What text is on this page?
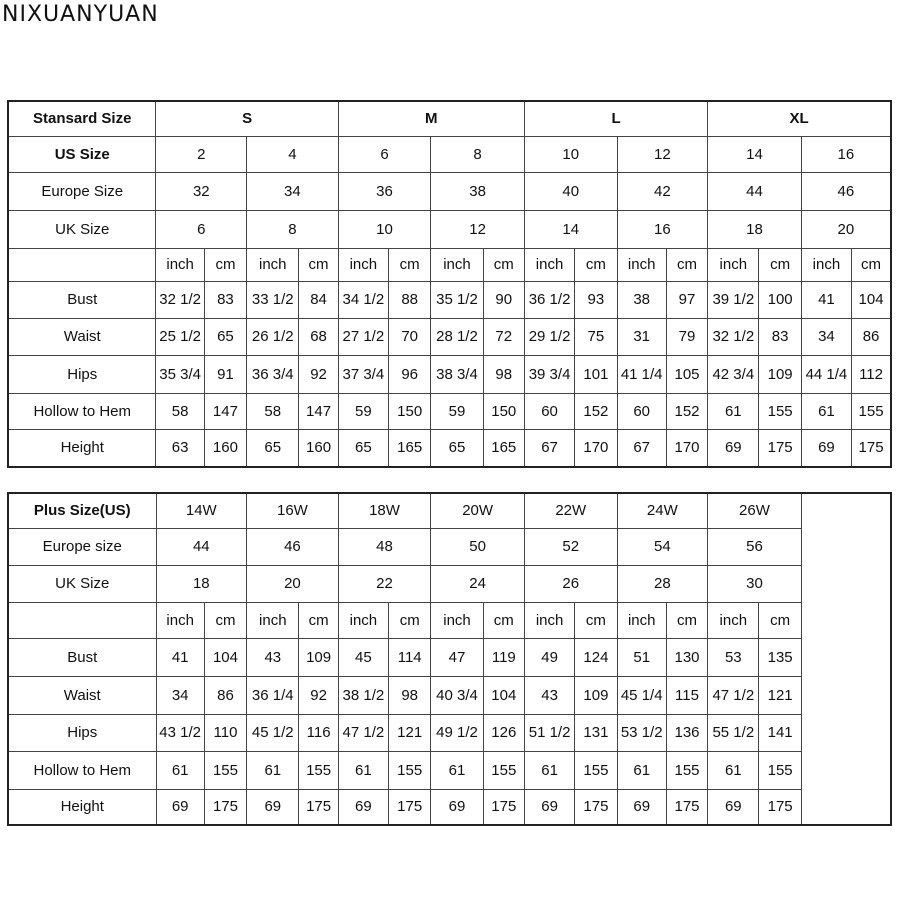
NIXUANYUAN
Stansard Size	S				M				L				XL			
US Size	2		4		6		8		10		12		14		16	
Europe Size	32		34		36		38		40		42		44		46	
UK Size	6		8		10		12		14		16		18		20	
	inch	cm	inch	cm	inch	cm	inch	cm	inch	cm	inch	cm	inch	cm	inch	cm
Bust	32 1/2	83	33 1/2	84	34 1/2	88	35 1/2	90	36 1/2	93	38	97	39 1/2	100	41	104
Waist	25 1/2	65	26 1/2	68	27 1/2	70	28 1/2	72	29 1/2	75	31	79	32 1/2	83	34	86
Hips	35 3/4	91	36 3/4	92	37 3/4	96	38 3/4	98	39 3/4	101	41 1/4	105	42 3/4	109	44 1/4	112
Hollow to Hem	58	147	58	147	59	150	59	150	60	152	60	152	61	155	61	155
Height	63	160	65	160	65	165	65	165	67	170	67	170	69	175	69	175
Plus Size(US)	14W		16W		18W		20W		22W		24W		26W		
Europe size	44		46		48		50		52		54		56		
UK Size	18		20		22		24		26		28		30		
	inch	cm	inch	cm	inch	cm	inch	cm	inch	cm	inch	cm	inch	cm	
Bust	41	104	43	109	45	114	47	119	49	124	51	130	53	135	
Waist	34	86	36 1/4	92	38 1/2	98	40 3/4	104	43	109	45 1/4	115	47 1/2	121	
Hips	43 1/2	110	45 1/2	116	47 1/2	121	49 1/2	126	51 1/2	131	53 1/2	136	55 1/2	141	
Hollow to Hem	61	155	61	155	61	155	61	155	61	155	61	155	61	155	
Height	69	175	69	175	69	175	69	175	69	175	69	175	69	175	
